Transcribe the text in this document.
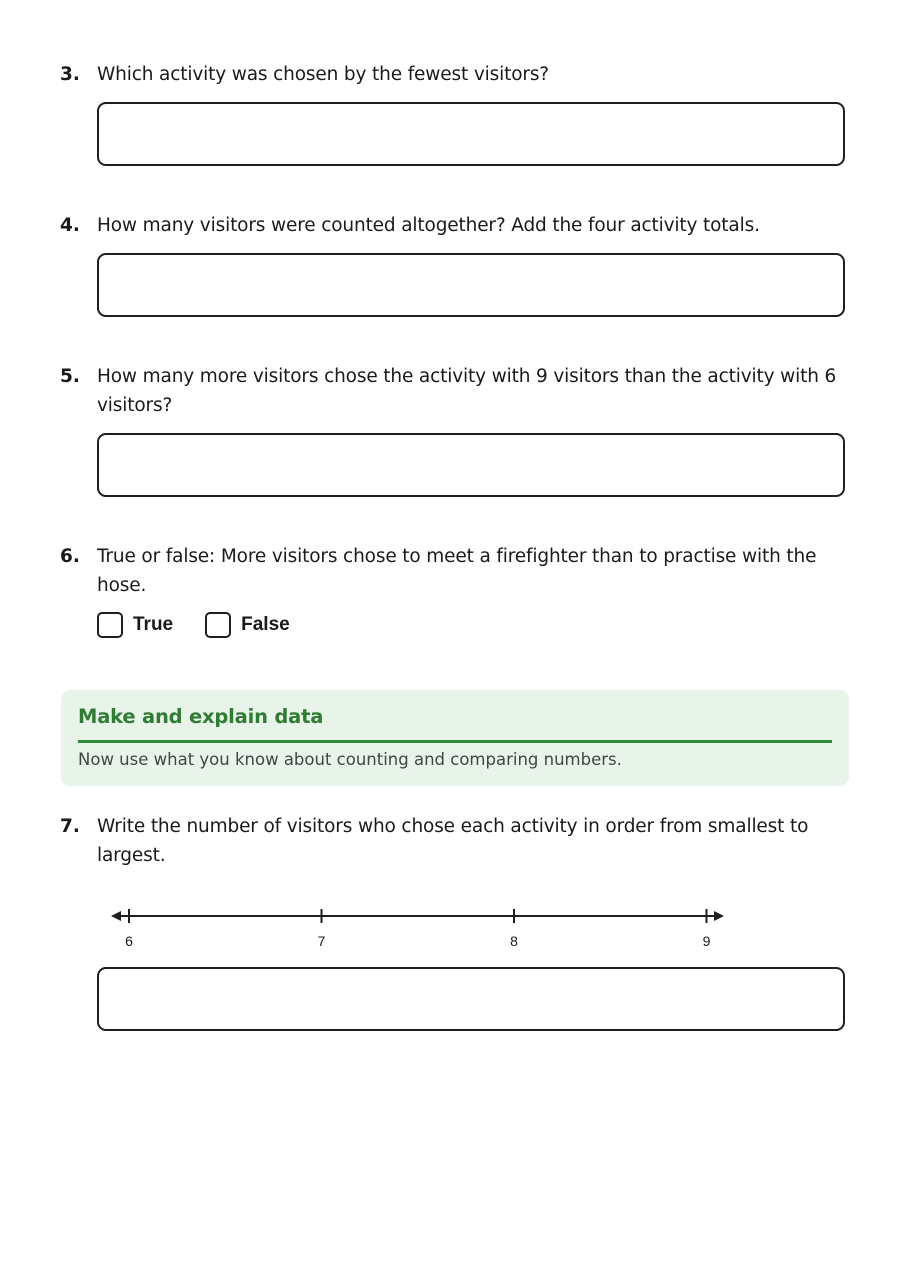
3. Which activity was chosen by the fewest visitors?
4. How many visitors were counted altogether? Add the four activity totals.
5. How many more visitors chose the activity with 9 visitors than the activity with 6 visitors?
6. True or false: More visitors chose to meet a firefighter than to practise with the hose.
True	False
Make and explain data
Now use what you know about counting and comparing numbers.
7. Write the number of visitors who chose each activity in order from smallest to largest.
6	7	8	9
